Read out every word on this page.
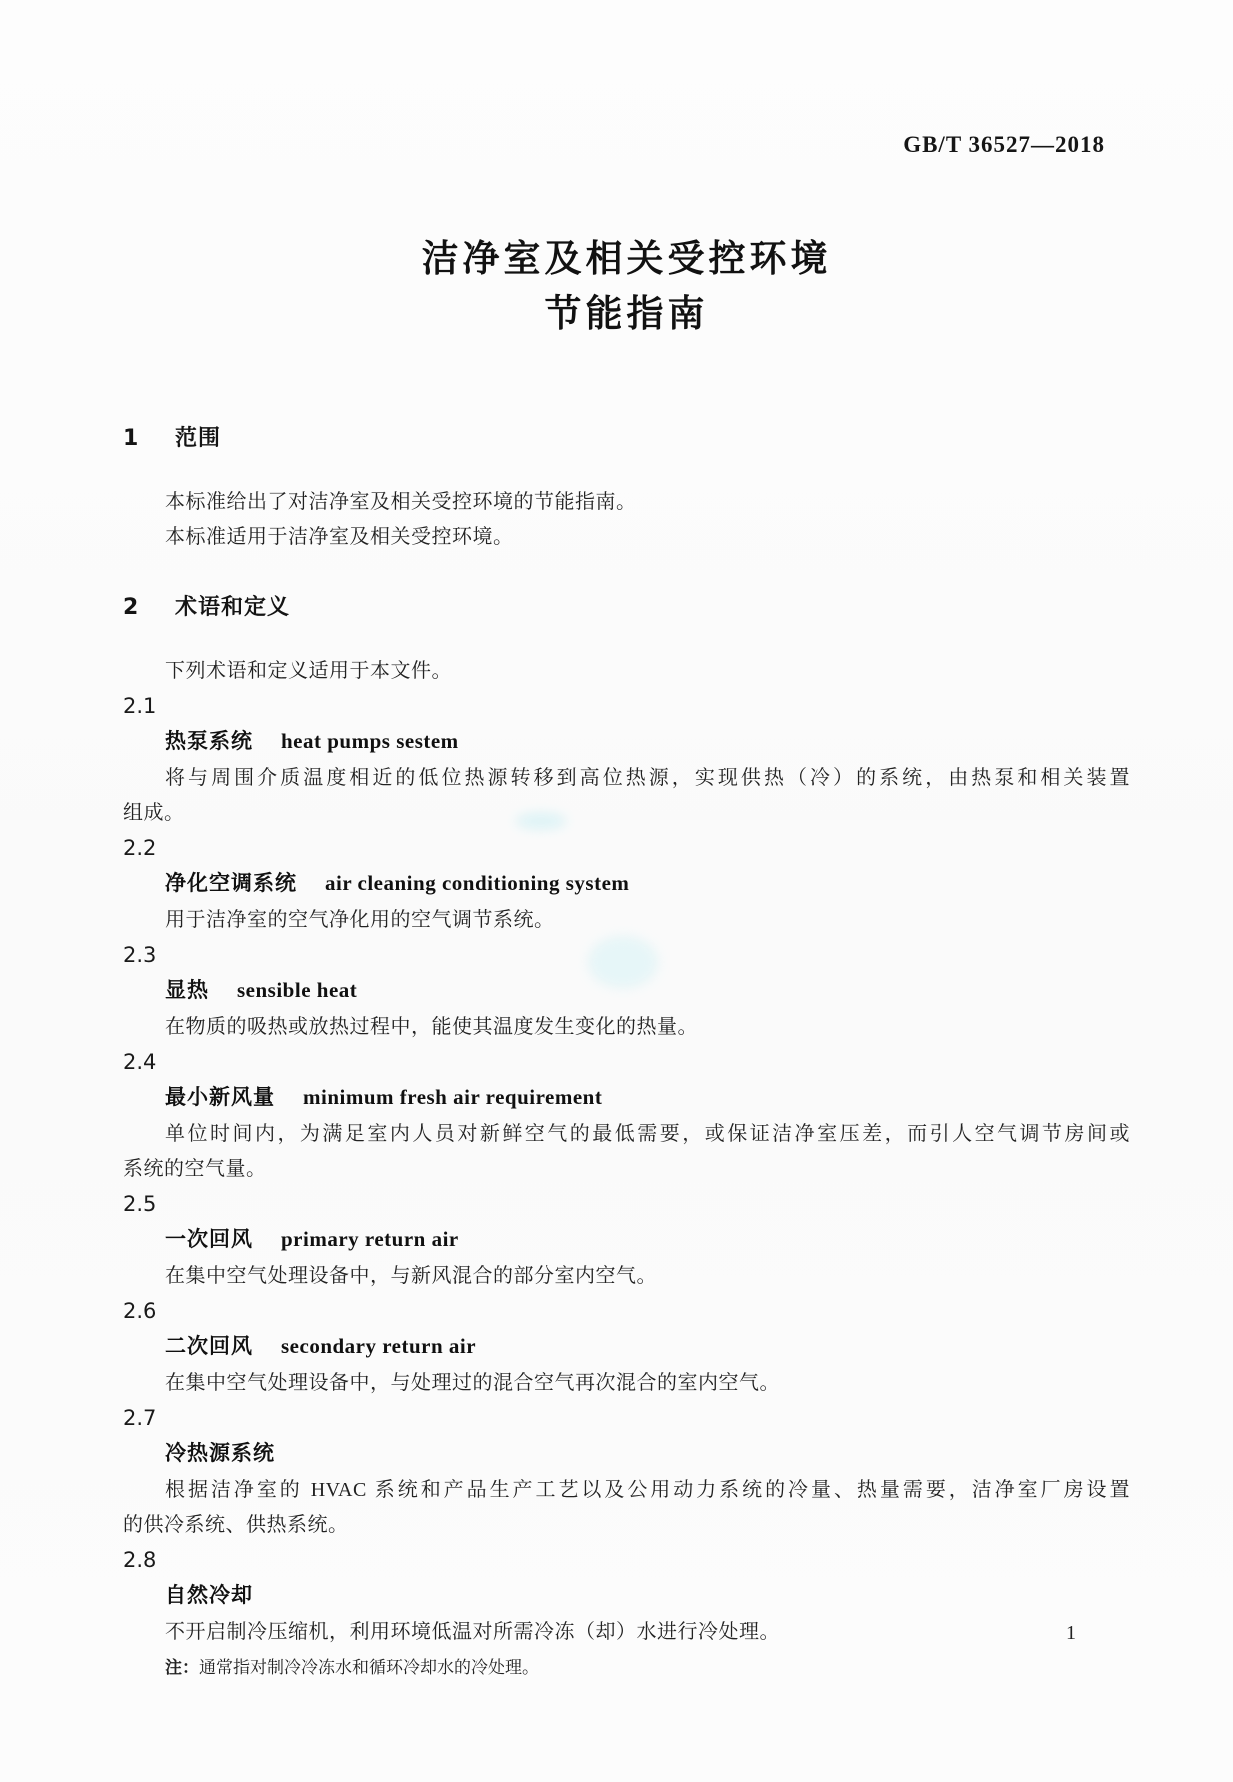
GB/T 36527—2018
洁净室及相关受控环境
节能指南
1 范围
本标准给出了对洁净室及相关受控环境的节能指南。
本标准适用于洁净室及相关受控环境。
2 术语和定义
下列术语和定义适用于本文件。
2.1
热泵系统 heat pumps sestem
将与周围介质温度相近的低位热源转移到高位热源，实现供热（冷）的系统，由热泵和相关装置
组成。
2.2
净化空调系统 air cleaning conditioning system
用于洁净室的空气净化用的空气调节系统。
2.3
显热 sensible heat
在物质的吸热或放热过程中，能使其温度发生变化的热量。
2.4
最小新风量 minimum fresh air requirement
单位时间内，为满足室内人员对新鲜空气的最低需要，或保证洁净室压差，而引人空气调节房间或
系统的空气量。
2.5
一次回风 primary return air
在集中空气处理设备中，与新风混合的部分室内空气。
2.6
二次回风 secondary return air
在集中空气处理设备中，与处理过的混合空气再次混合的室内空气。
2.7
冷热源系统
根据洁净室的 HVAC 系统和产品生产工艺以及公用动力系统的冷量、热量需要，洁净室厂房设置
的供冷系统、供热系统。
2.8
自然冷却
不开启制冷压缩机，利用环境低温对所需冷冻（却）水进行冷处理。
注：通常指对制冷冷冻水和循环冷却水的冷处理。
1
